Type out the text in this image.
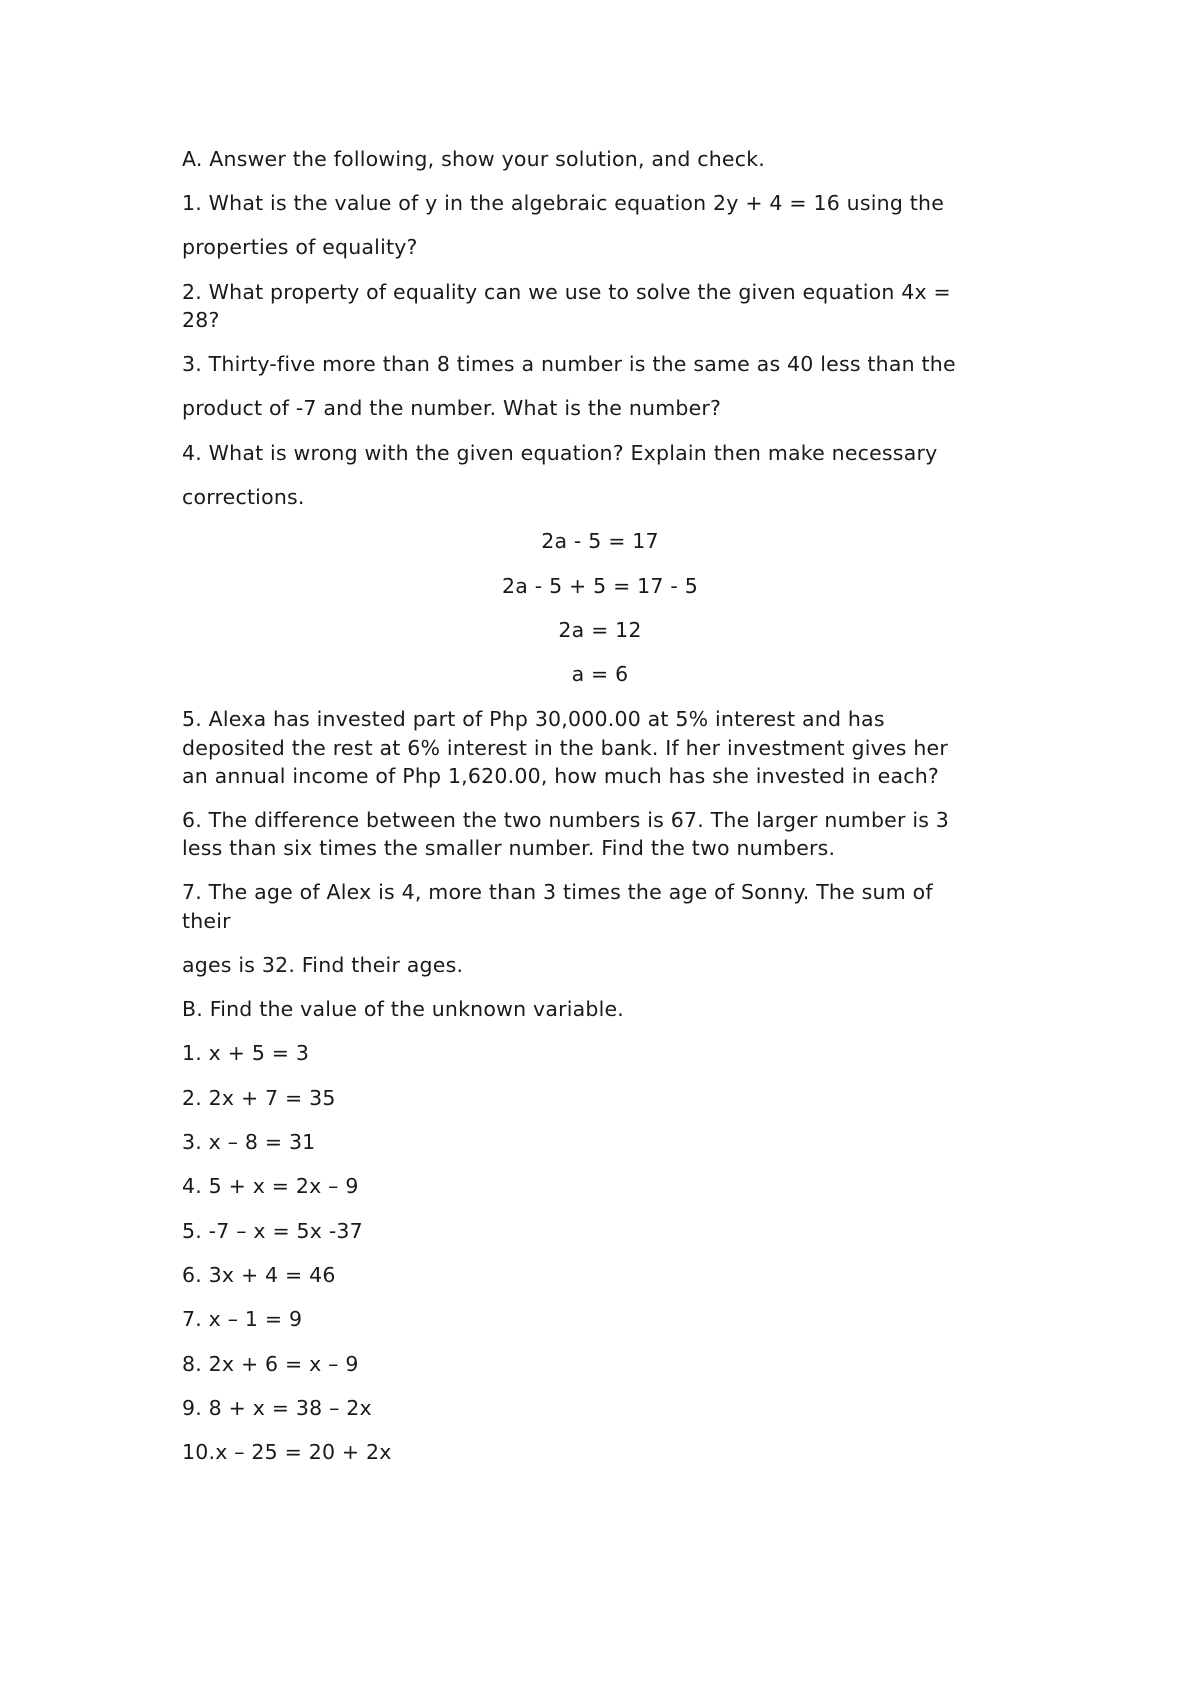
A. Answer the following, show your solution, and check.
1. What is the value of y in the algebraic equation 2y + 4 = 16 using the
properties of equality?
2. What property of equality can we use to solve the given equation 4x =
28?
3. Thirty-five more than 8 times a number is the same as 40 less than the
product of -7 and the number. What is the number?
4. What is wrong with the given equation? Explain then make necessary
corrections.
2a - 5 = 17
2a - 5 + 5 = 17 - 5
2a = 12
a = 6
5. Alexa has invested part of Php 30,000.00 at 5% interest and has
deposited the rest at 6% interest in the bank. If her investment gives her
an annual income of Php 1,620.00, how much has she invested in each?
6. The difference between the two numbers is 67. The larger number is 3
less than six times the smaller number. Find the two numbers.
7. The age of Alex is 4, more than 3 times the age of Sonny. The sum of
their
ages is 32. Find their ages.
B. Find the value of the unknown variable.
1. x + 5 = 3
2. 2x + 7 = 35
3. x – 8 = 31
4. 5 + x = 2x – 9
5. -7 – x = 5x -37
6. 3x + 4 = 46
7. x – 1 = 9
8. 2x + 6 = x – 9
9. 8 + x = 38 – 2x
10.x – 25 = 20 + 2x
